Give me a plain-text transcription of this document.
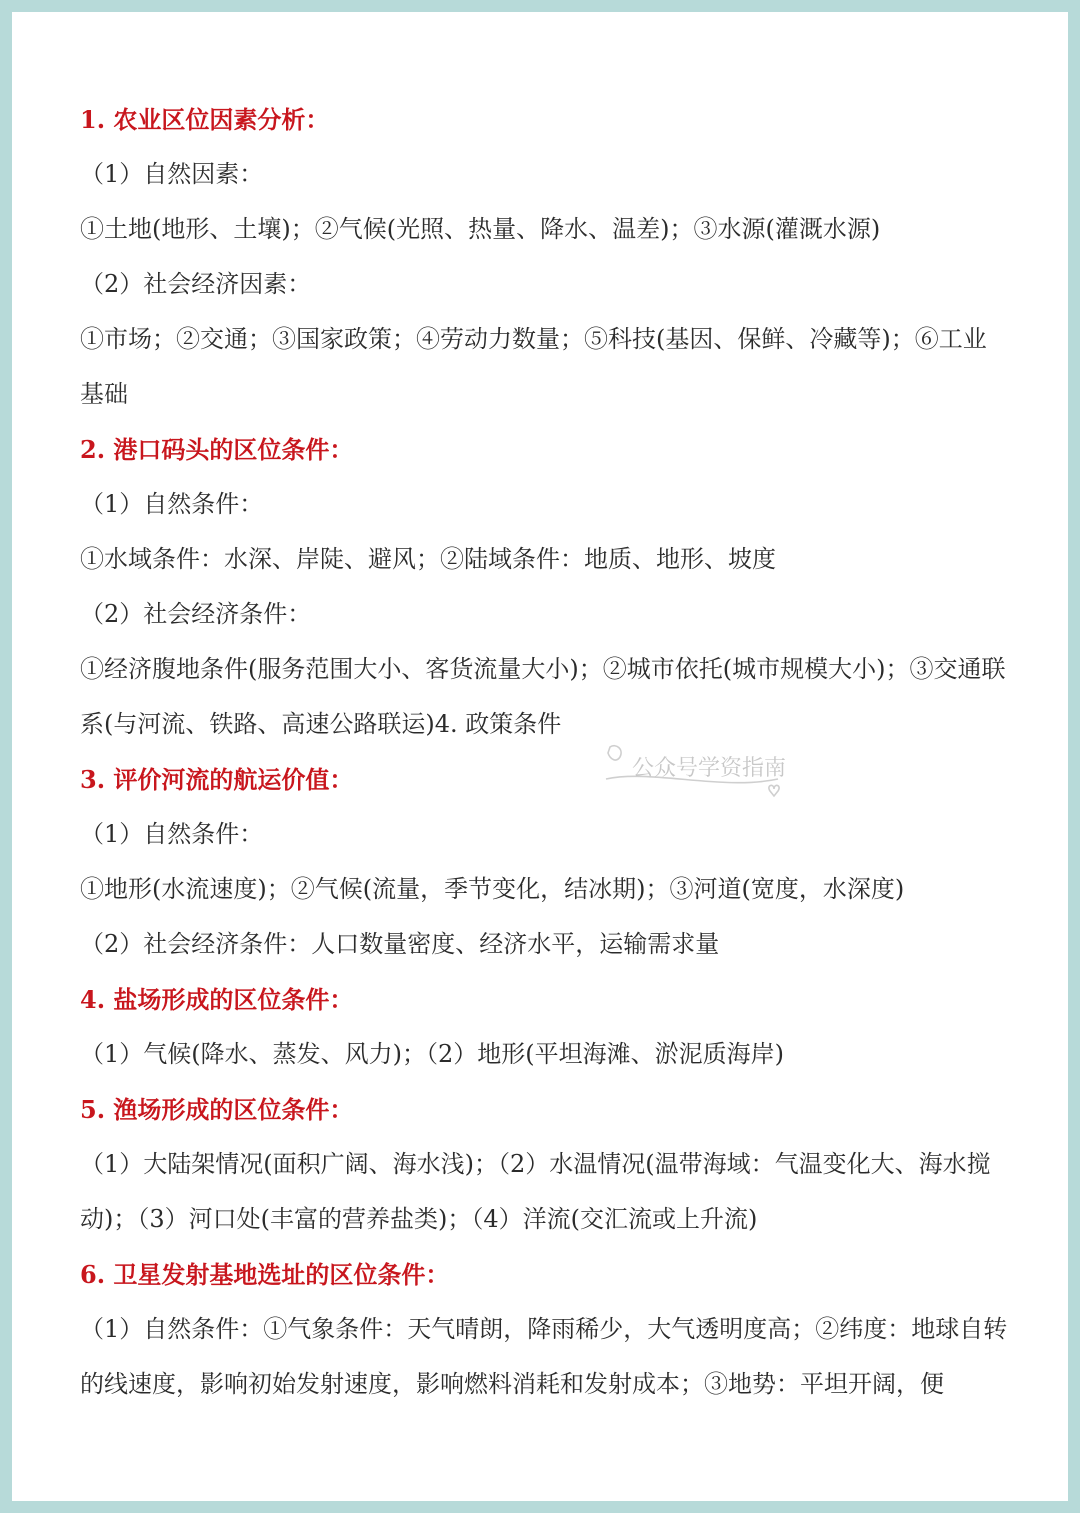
1. 农业区位因素分析：

（1）自然因素：

①土地(地形、土壤)；②气候(光照、热量、降水、温差)；③水源(灌溉水源)

（2）社会经济因素：

①市场；②交通；③国家政策；④劳动力数量；⑤科技(基因、保鲜、冷藏等)；⑥工业基础

2. 港口码头的区位条件：

（1）自然条件：

①水域条件：水深、岸陡、避风；②陆域条件：地质、地形、坡度

（2）社会经济条件：

①经济腹地条件(服务范围大小、客货流量大小)；②城市依托(城市规模大小)；③交通联系(与河流、铁路、高速公路联运)4. 政策条件

3. 评价河流的航运价值：

（1）自然条件：

①地形(水流速度)；②气候(流量，季节变化，结冰期)；③河道(宽度，水深度)

（2）社会经济条件：人口数量密度、经济水平，运输需求量

4. 盐场形成的区位条件：

（1）气候(降水、蒸发、风力)；（2）地形(平坦海滩、淤泥质海岸)

5. 渔场形成的区位条件：

（1）大陆架情况(面积广阔、海水浅)；（2）水温情况(温带海域：气温变化大、海水搅动)；（3）河口处(丰富的营养盐类)；（4）洋流(交汇流或上升流)

6. 卫星发射基地选址的区位条件：

（1）自然条件：①气象条件：天气晴朗，降雨稀少，大气透明度高；②纬度：地球自转的线速度，影响初始发射速度，影响燃料消耗和发射成本；③地势：平坦开阔，便

公众号学资指南
